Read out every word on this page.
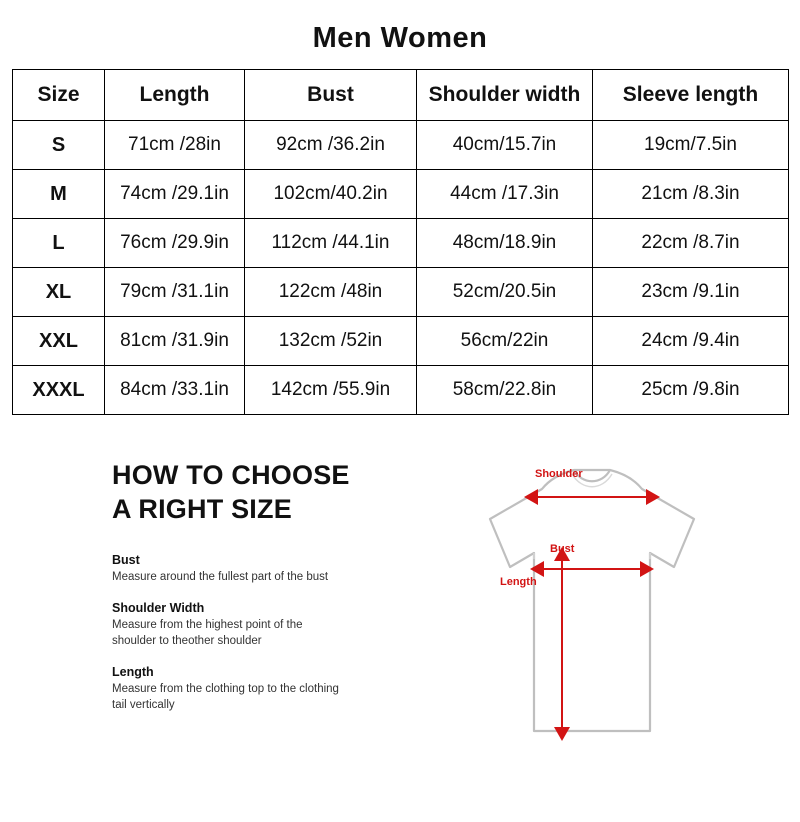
Men Women
Size	Length	Bust	Shoulder width	Sleeve length
S	71cm /28in	92cm /36.2in	40cm/15.7in	19cm/7.5in
M	74cm /29.1in	102cm/40.2in	44cm /17.3in	21cm /8.3in
L	76cm /29.9in	112cm /44.1in	48cm/18.9in	22cm /8.7in
XL	79cm /31.1in	122cm /48in	52cm/20.5in	23cm /9.1in
XXL	81cm /31.9in	132cm /52in	56cm/22in	24cm /9.4in
XXXL	84cm /33.1in	142cm /55.9in	58cm/22.8in	25cm /9.8in
HOW TO CHOOSE
A RIGHT SIZE
Bust
Measure around the fullest part of the bust
Shoulder Width
Measure from the highest point of the shoulder to theother shoulder
Length
Measure from the clothing top to the clothing tail vertically
Shoulder
Bust
Length
